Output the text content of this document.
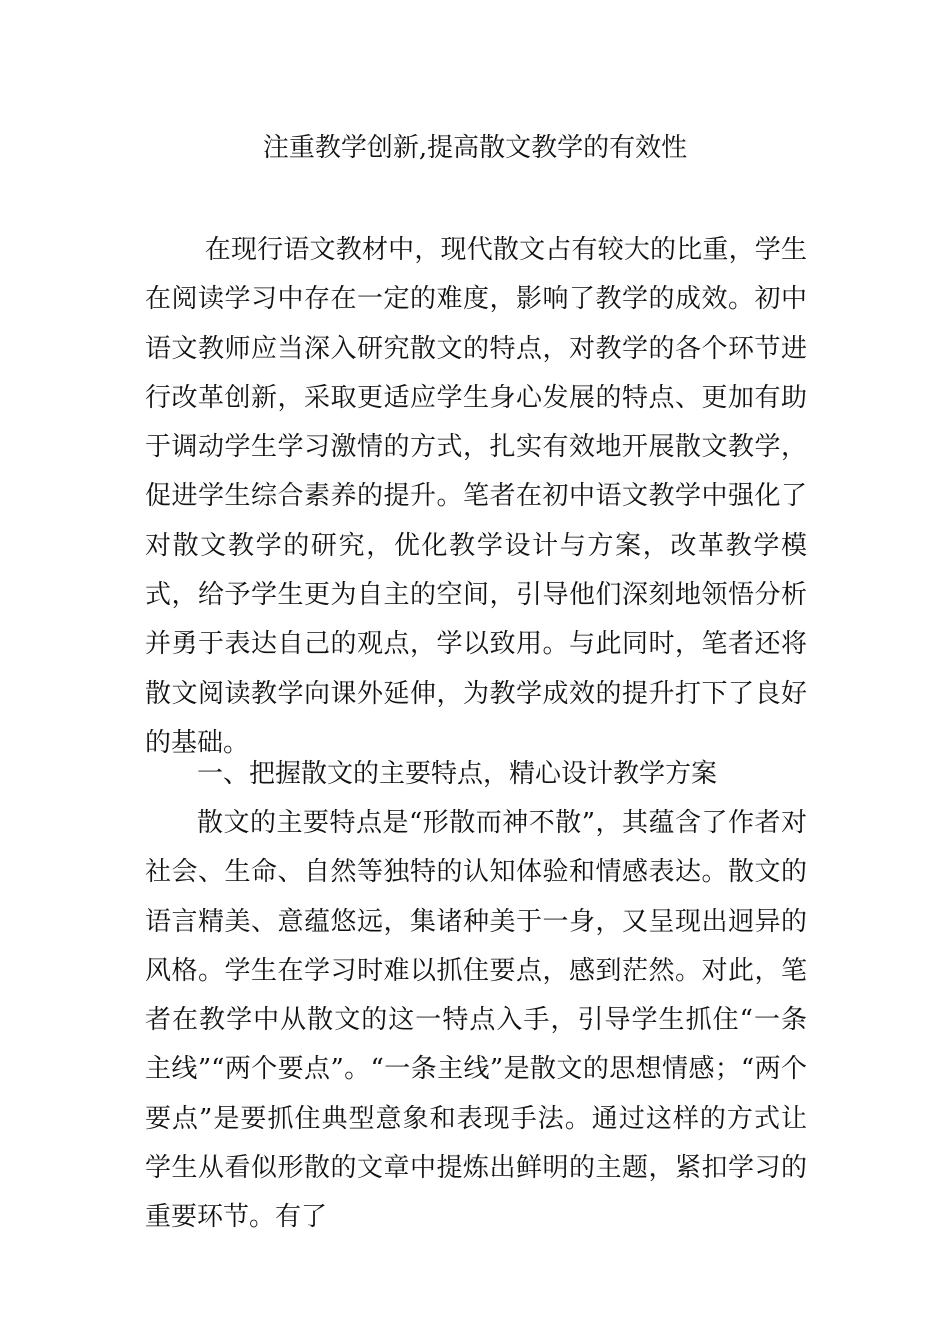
注重教学创新,提高散文教学的有效性

在现行语文教材中，现代散文占有较大的比重，学生在阅读学习中存在一定的难度，影响了教学的成效。初中语文教师应当深入研究散文的特点，对教学的各个环节进行改革创新，采取更适应学生身心发展的特点、更加有助于调动学生学习激情的方式，扎实有效地开展散文教学，促进学生综合素养的提升。笔者在初中语文教学中强化了对散文教学的研究，优化教学设计与方案，改革教学模式，给予学生更为自主的空间，引导他们深刻地领悟分析并勇于表达自己的观点，学以致用。与此同时，笔者还将散文阅读教学向课外延伸，为教学成效的提升打下了良好的基础。

一、把握散文的主要特点，精心设计教学方案

散文的主要特点是“形散而神不散”，其蕴含了作者对社会、生命、自然等独特的认知体验和情感表达。散文的语言精美、意蕴悠远，集诸种美于一身，又呈现出迥异的风格。学生在学习时难以抓住要点，感到茫然。对此，笔者在教学中从散文的这一特点入手，引导学生抓住“一条主线”“两个要点”。“一条主线”是散文的思想情感；“两个要点”是要抓住典型意象和表现手法。通过这样的方式让学生从看似形散的文章中提炼出鲜明的主题，紧扣学习的重要环节。有了
